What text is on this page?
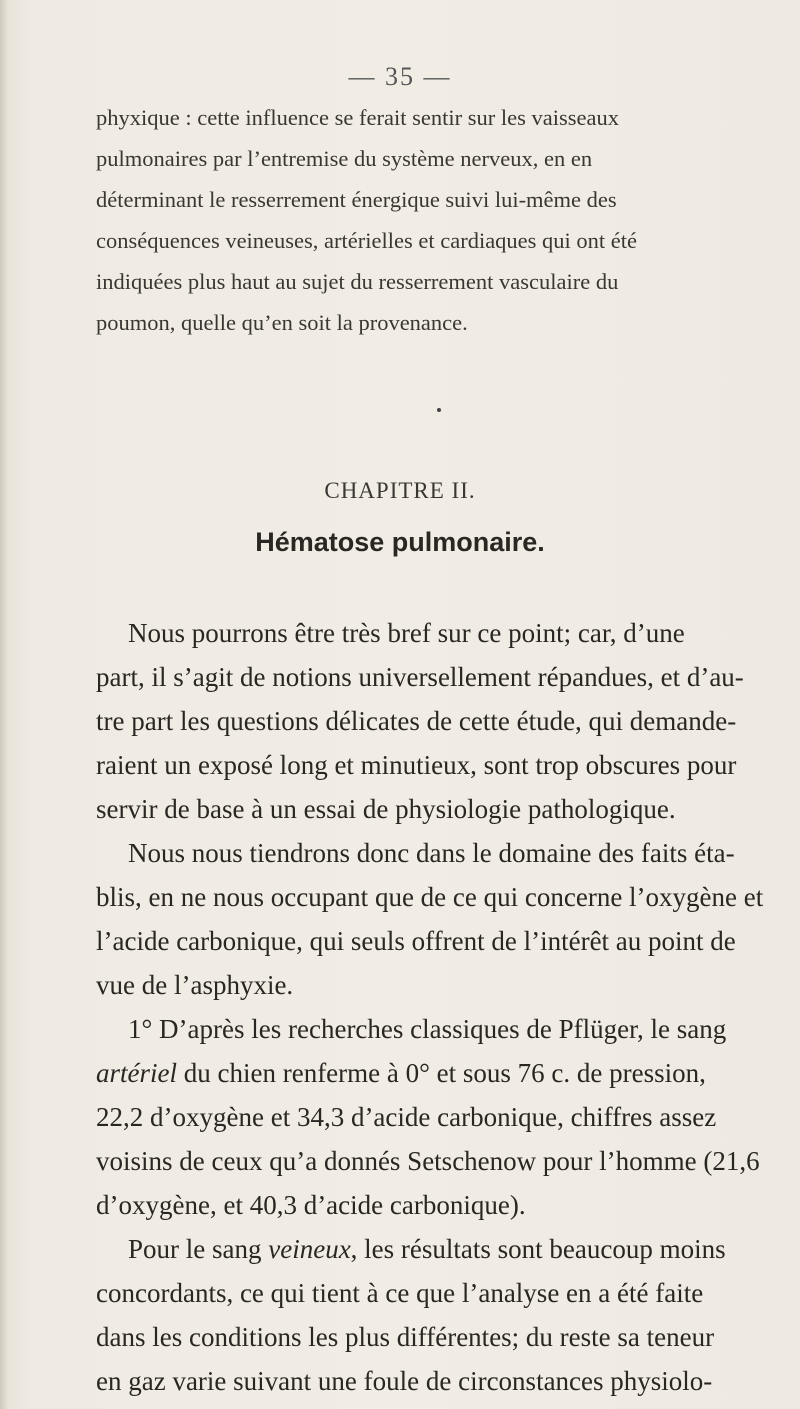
— 35 —
phyxique : cette influence se ferait sentir sur les vaisseaux
pulmonaires par l’entremise du système nerveux, en en
déterminant le resserrement énergique suivi lui-même des
conséquences veineuses, artérielles et cardiaques qui ont été
indiquées plus haut au sujet du resserrement vasculaire du
poumon, quelle qu’en soit la provenance.
CHAPITRE II.
Hématose pulmonaire.
Nous pourrons être très bref sur ce point; car, d’une
part, il s’agit de notions universellement répandues, et d’au-
tre part les questions délicates de cette étude, qui demande-
raient un exposé long et minutieux, sont trop obscures pour
servir de base à un essai de physiologie pathologique.
Nous nous tiendrons donc dans le domaine des faits éta-
blis, en ne nous occupant que de ce qui concerne l’oxygène et
l’acide carbonique, qui seuls offrent de l’intérêt au point de
vue de l’asphyxie.
1° D’après les recherches classiques de Pflüger, le sang
artériel du chien renferme à 0° et sous 76 c. de pression,
22,2 d’oxygène et 34,3 d’acide carbonique, chiffres assez
voisins de ceux qu’a donnés Setschenow pour l’homme (21,6
d’oxygène, et 40,3 d’acide carbonique).
Pour le sang veineux, les résultats sont beaucoup moins
concordants, ce qui tient à ce que l’analyse en a été faite
dans les conditions les plus différentes; du reste sa teneur
en gaz varie suivant une foule de circonstances physiolo-
